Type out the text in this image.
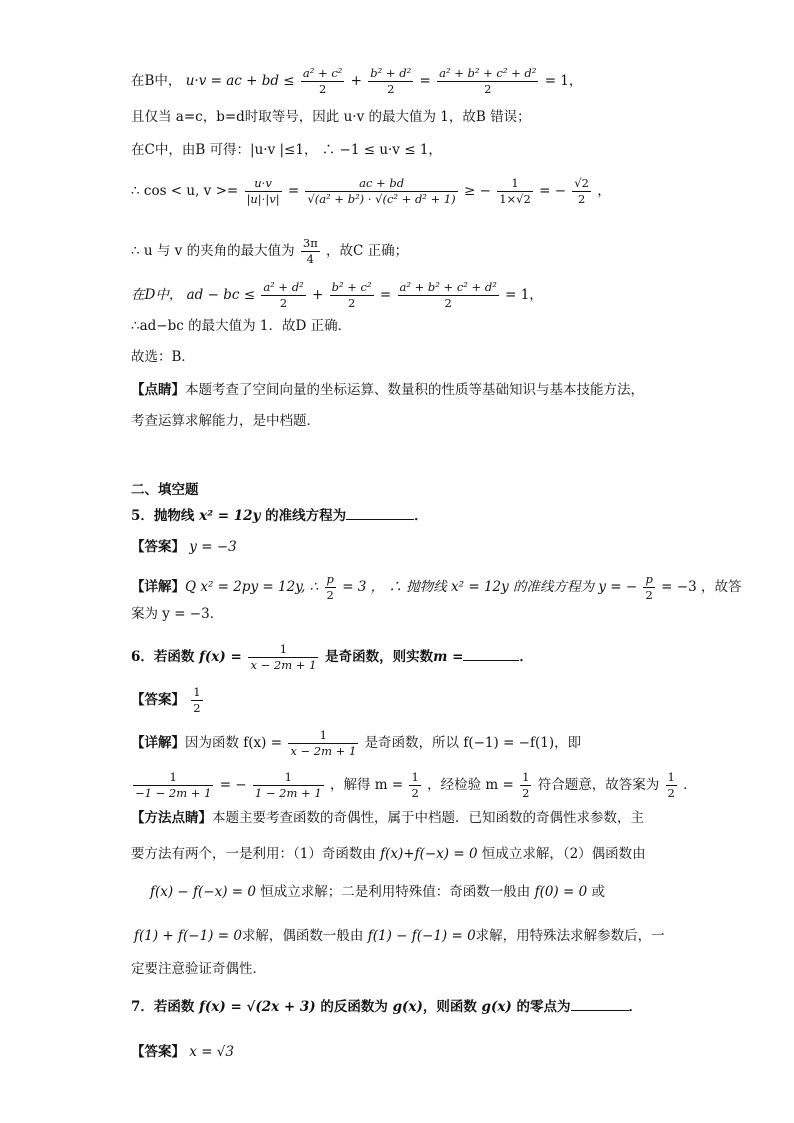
在B中， u·v = ac + bd ≤ $\frac{\text{a² + c²}}{2} + \frac{\text{b² + d²}}{2} = \frac{\text{a² + b² + c² + d²}}{2} = 1$，
且仅当 a=c，b=d时取等号，因此 u·v 的最大值为 1，故B 错误；
在C中，由B 可得：|u·v |≤1， ∴ −1 ≤ u·v ≤ 1，
∴ cos < u, $v >= \frac{u\cdot v}{|u|\cdot|v|} = \frac{ac + bd}{\text{√(a² + b²) · √(c² + d² + 1)}}$ ≥ − $\frac{1}{1\times√2}$ = − $\frac{√2}{2}$ ，
∴ u 与 v 的夹角的最大值为 $\frac{3\pi}{4}$ ，故C 正确；
在D中， ad − bc ≤ $\frac{\text{a² + d²}}{2} + \frac{\text{b² + c²}}{2} = \frac{\text{a² + b² + c² + d²}}{2} = 1$，
∴ad−bc 的最大值为 1．故D 正确．
故选：B．
【点睛】本题考查了空间向量的坐标运算、数量积的性质等基础知识与基本技能方法，
考查运算求解能力，是中档题．
二、填空题
5．抛物线 x² = 12y 的准线方程为	．
【答案】 y = −3
【详解】Q x² = 2py = 12y, ∴ $\frac{p}{2} = 3$ ， ∴ 抛物线 x² = 12y 的准线方程为 y = − $\frac{p}{2} = -3$ ，故答
案为 y = −3．
6．若函数 $f(x) = \frac{1}{x - 2m + 1}$ 是奇函数，则实数m =	．
【答案】 $\frac{1}{2}$
【详解】因为函数 $f(x) = \frac{1}{x - 2m + 1}$ 是奇函数，所以 f(−1) = −f(1)，即
$\frac{1}{-1 - 2m + 1}$ = − $\frac{1}{1 - 2m + 1}$ ，解得 $m = \frac{1}{2}$ ，经检验 $m = \frac{1}{2}$ 符合题意，故答案为 $\frac{1}{2}$ ．
【方法点睛】本题主要考查函数的奇偶性，属于中档题．已知函数的奇偶性求参数，主
要方法有两个，一是利用：（1）奇函数由 f(x)+f(−x) = 0 恒成立求解，（2）偶函数由
f(x) − f(−x) = 0 恒成立求解；二是利用特殊值：奇函数一般由 f(0) = 0 或
f(1) + f(−1) = 0求解，偶函数一般由 f(1) − f(−1) = 0求解，用特殊法求解参数后，一
定要注意验证奇偶性．
7．若函数 f(x) = √(2x + 3) 的反函数为 g(x)，则函数 g(x) 的零点为	．
【答案】 x = √3
